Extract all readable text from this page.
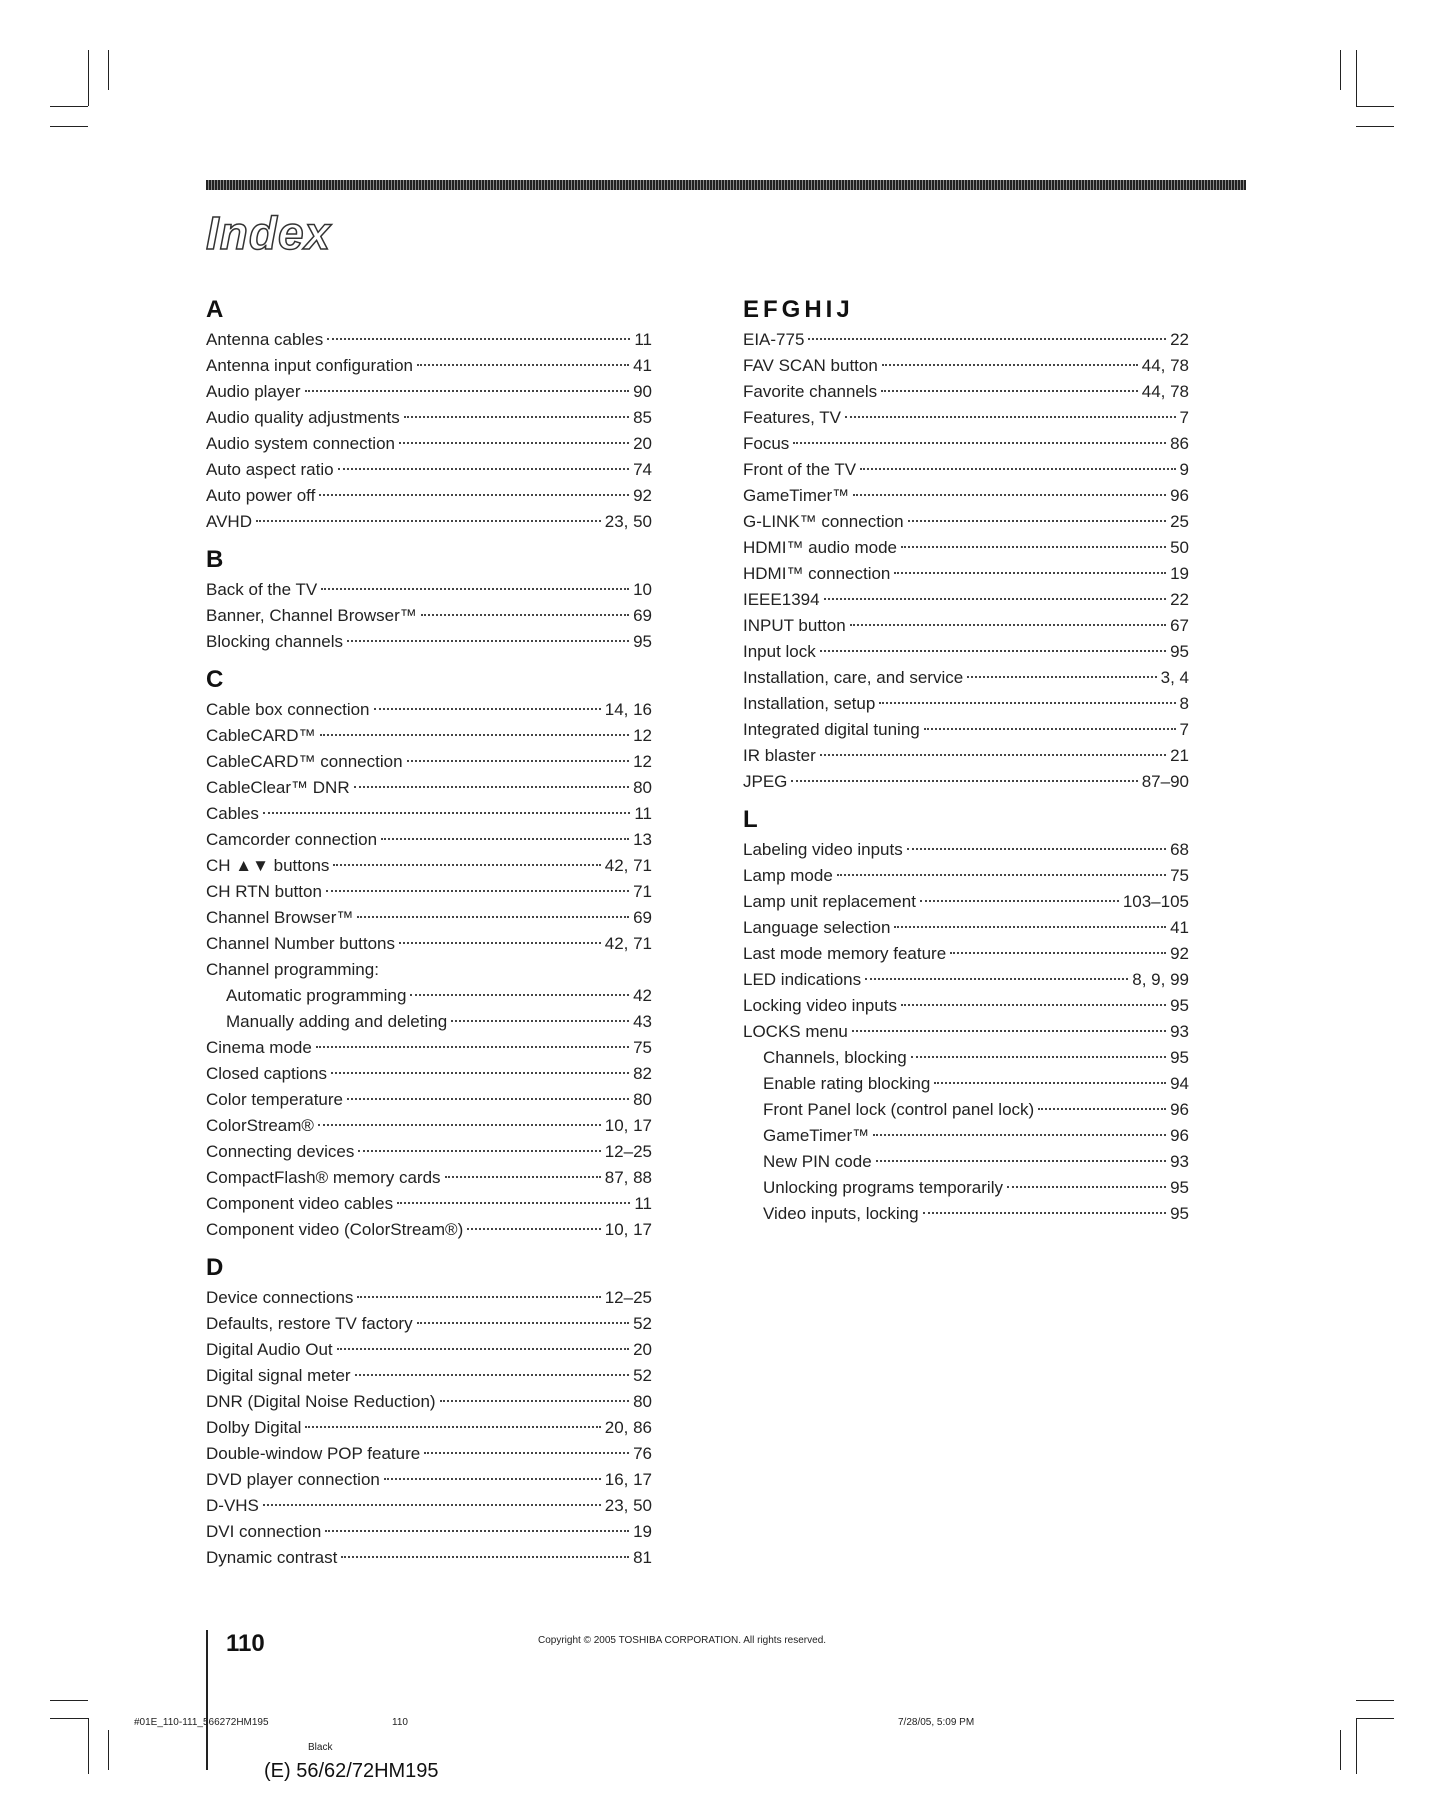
Index
A
Antenna cables	11
Antenna input configuration	41
Audio player	90
Audio quality adjustments	85
Audio system connection	20
Auto aspect ratio	74
Auto power off	92
AVHD	23, 50
B
Back of the TV	10
Banner, Channel Browser™	69
Blocking channels	95
C
Cable box connection	14, 16
CableCARD™	12
CableCARD™ connection	12
CableClear™ DNR	80
Cables	11
Camcorder connection	13
CH ▲▼ buttons	42, 71
CH RTN button	71
Channel Browser™	69
Channel Number buttons	42, 71
Channel programming:
Automatic programming	42
Manually adding and deleting	43
Cinema mode	75
Closed captions	82
Color temperature	80
ColorStream®	10, 17
Connecting devices	12–25
CompactFlash® memory cards	87, 88
Component video cables	11
Component video (ColorStream®)	10, 17
D
Device connections	12–25
Defaults, restore TV factory	52
Digital Audio Out	20
Digital signal meter	52
DNR (Digital Noise Reduction)	80
Dolby Digital	20, 86
Double-window POP feature	76
DVD player connection	16, 17
D-VHS	23, 50
DVI connection	19
Dynamic contrast	81
EFGHIJ
EIA-775	22
FAV SCAN button	44, 78
Favorite channels	44, 78
Features, TV	7
Focus	86
Front of the TV	9
GameTimer™	96
G-LINK™ connection	25
HDMI™ audio mode	50
HDMI™ connection	19
IEEE1394	22
INPUT button	67
Input lock	95
Installation, care, and service	3, 4
Installation, setup	8
Integrated digital tuning	7
IR blaster	21
JPEG	87–90
L
Labeling video inputs	68
Lamp mode	75
Lamp unit replacement	103–105
Language selection	41
Last mode memory feature	92
LED indications	8, 9, 99
Locking video inputs	95
LOCKS menu	93
Channels, blocking	95
Enable rating blocking	94
Front Panel lock (control panel lock)	96
GameTimer™	96
New PIN code	93
Unlocking programs temporarily	95
Video inputs, locking	95
110	Copyright © 2005 TOSHIBA CORPORATION. All rights reserved.
#01E_110-111_566272HM195	110	7/28/05, 5:09 PM
Black
(E) 56/62/72HM195
